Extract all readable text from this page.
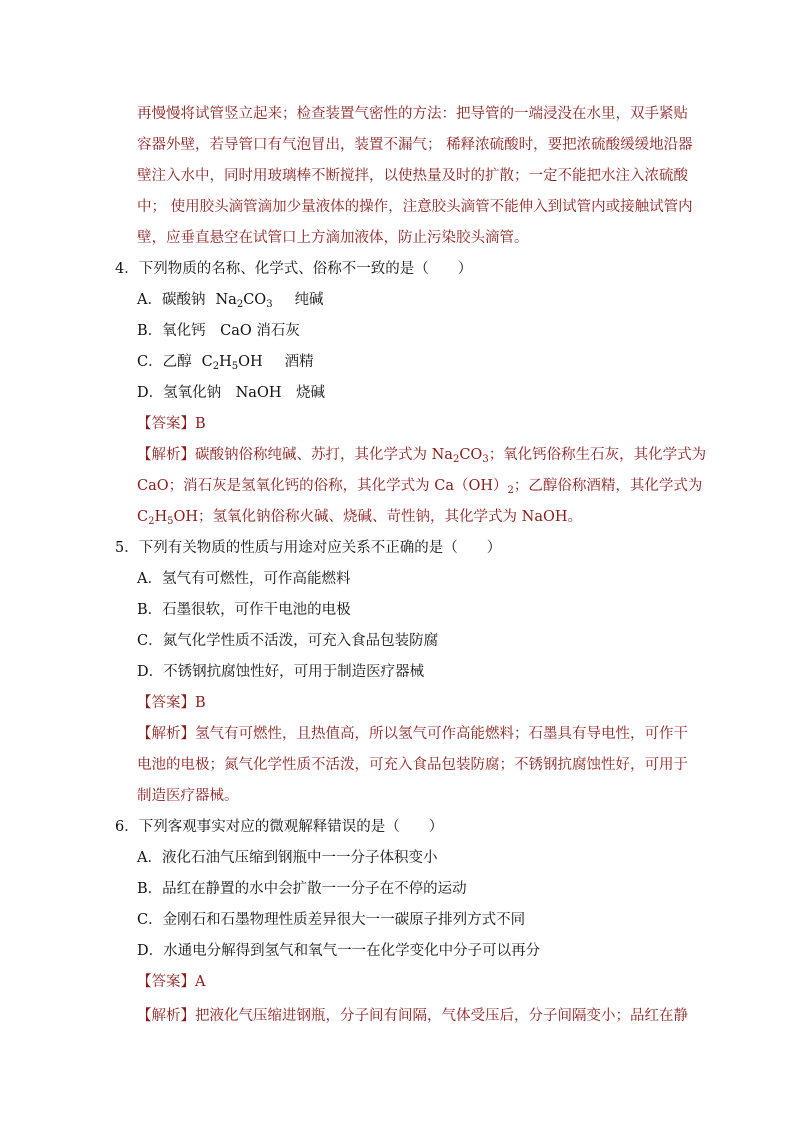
再慢慢将试管竖立起来；检查装置气密性的方法：把导管的一端浸没在水里，双手紧贴
容器外壁，若导管口有气泡冒出，装置不漏气； 稀释浓硫酸时，要把浓硫酸缓缓地沿器
壁注入水中，同时用玻璃棒不断搅拌，以使热量及时的扩散；一定不能把水注入浓硫酸
中； 使用胶头滴管滴加少量液体的操作，注意胶头滴管不能伸入到试管内或接触试管内
壁，应垂直悬空在试管口上方滴加液体，防止污染胶头滴管。
4．下列物质的名称、化学式、俗称不一致的是（　　）
A．碳酸钠 $Na_2CO_3$ 纯碱
B．氧化钙　CaO 消石灰
C．乙醇 $C_2H_5OH$ 酒精
D．氢氧化钠　NaOH　烧碱
【答案】B
【解析】碳酸钠俗称纯碱、苏打，其化学式为 $Na_2CO_3$；氧化钙俗称生石灰，其化学式为
CaO；消石灰是氢氧化钙的俗称，其化学式为 $Ca(OH)_2$；乙醇俗称酒精，其化学式为
$C_2H_5OH$；氢氧化钠俗称火碱、烧碱、苛性钠，其化学式为 NaOH。
5．下列有关物质的性质与用途对应关系不正确的是（　　）
A．氢气有可燃性，可作高能燃料
B．石墨很软，可作干电池的电极
C．氮气化学性质不活泼，可充入食品包装防腐
D．不锈钢抗腐蚀性好，可用于制造医疗器械
【答案】B
【解析】氢气有可燃性，且热值高，所以氢气可作高能燃料；石墨具有导电性，可作干
电池的电极；氮气化学性质不活泼，可充入食品包装防腐；不锈钢抗腐蚀性好，可用于
制造医疗器械。
6．下列客观事实对应的微观解释错误的是（　　）
A．液化石油气压缩到钢瓶中一一分子体积变小
B．品红在静置的水中会扩散一一分子在不停的运动
C．金刚石和石墨物理性质差异很大一一碳原子排列方式不同
D．水通电分解得到氢气和氧气一一在化学变化中分子可以再分
【答案】A
【解析】把液化气压缩进钢瓶，分子间有间隔，气体受压后，分子间隔变小；品红在静
